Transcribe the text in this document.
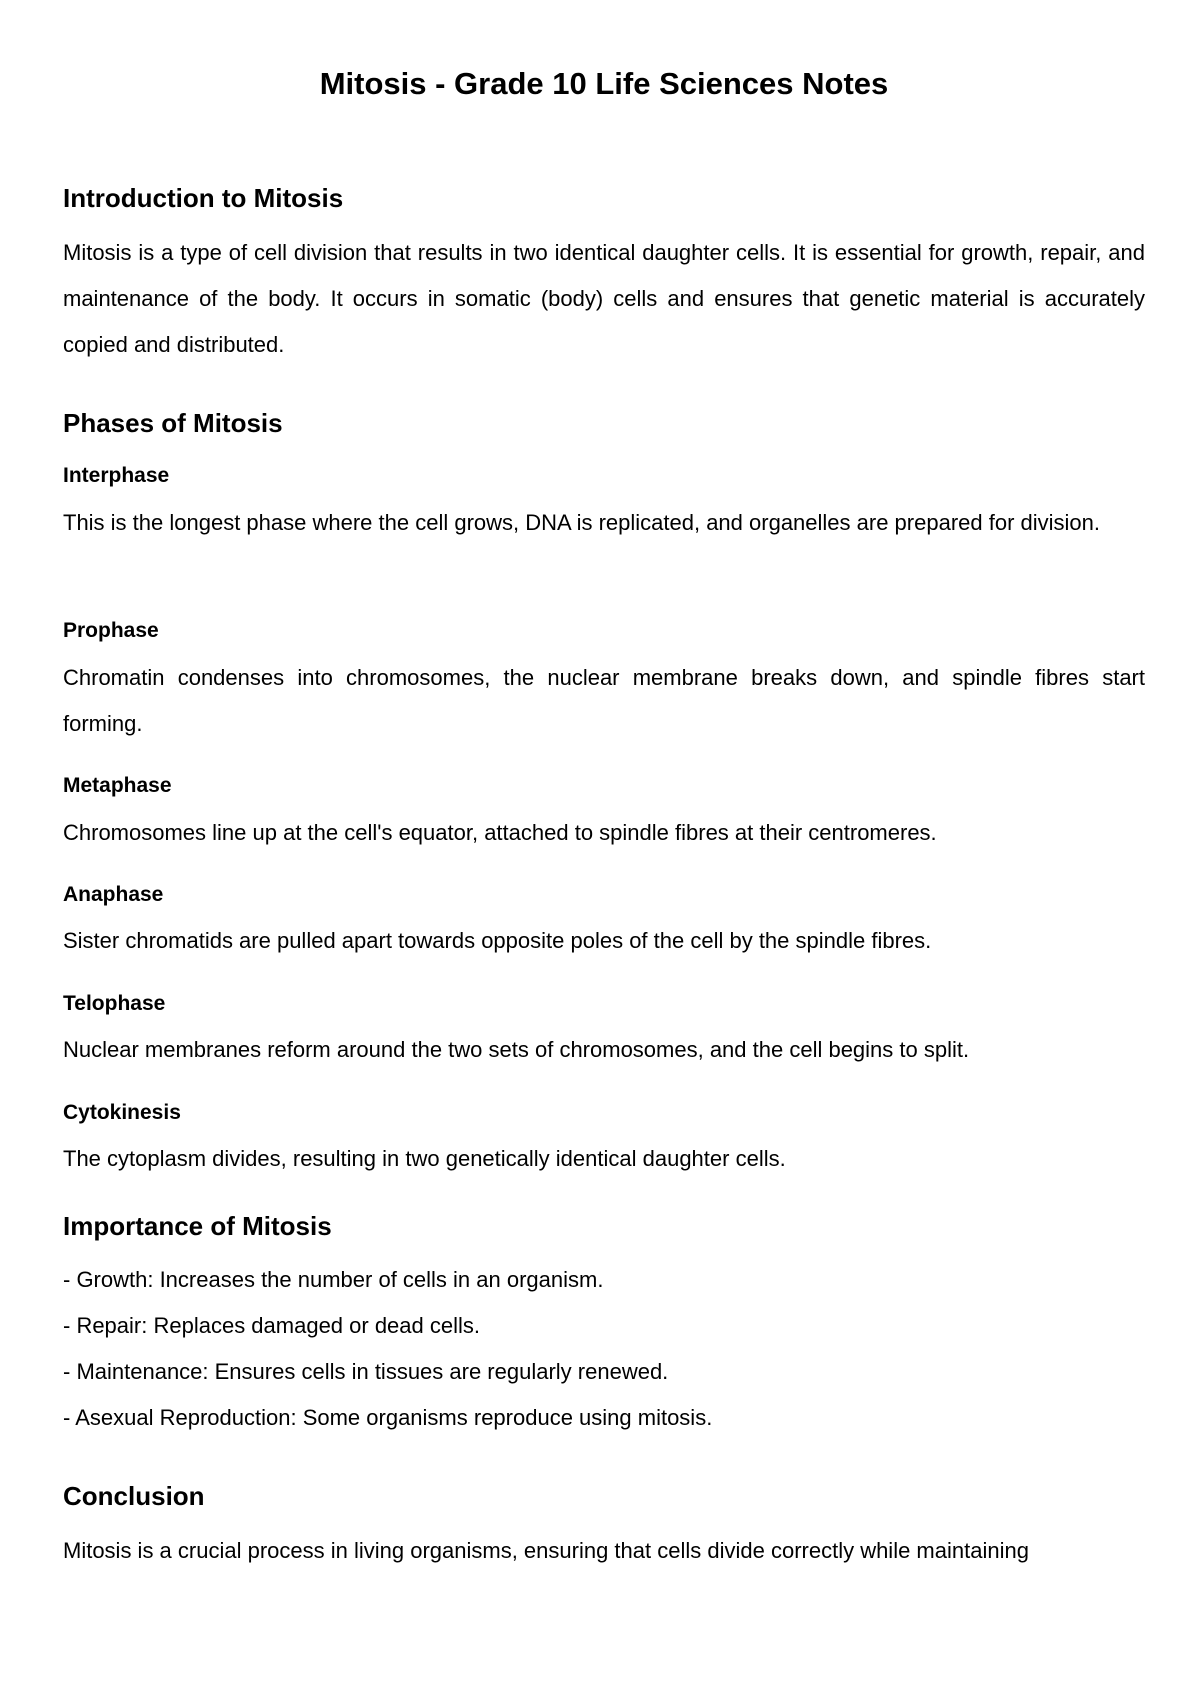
Mitosis - Grade 10 Life Sciences Notes
Introduction to Mitosis

Mitosis is a type of cell division that results in two identical daughter cells. It is essential for growth, repair, and maintenance of the body. It occurs in somatic (body) cells and ensures that genetic material is accurately copied and distributed.

Phases of Mitosis
Interphase

This is the longest phase where the cell grows, DNA is replicated, and organelles are prepared for division.

Prophase

Chromatin condenses into chromosomes, the nuclear membrane breaks down, and spindle fibres start forming.

Metaphase

Chromosomes line up at the cell's equator, attached to spindle fibres at their centromeres.

Anaphase

Sister chromatids are pulled apart towards opposite poles of the cell by the spindle fibres.

Telophase

Nuclear membranes reform around the two sets of chromosomes, and the cell begins to split.

Cytokinesis

The cytoplasm divides, resulting in two genetically identical daughter cells.

Importance of Mitosis
- Growth: Increases the number of cells in an organism.
- Repair: Replaces damaged or dead cells.
- Maintenance: Ensures cells in tissues are regularly renewed.
- Asexual Reproduction: Some organisms reproduce using mitosis.
Conclusion

Mitosis is a crucial process in living organisms, ensuring that cells divide correctly while maintaining
